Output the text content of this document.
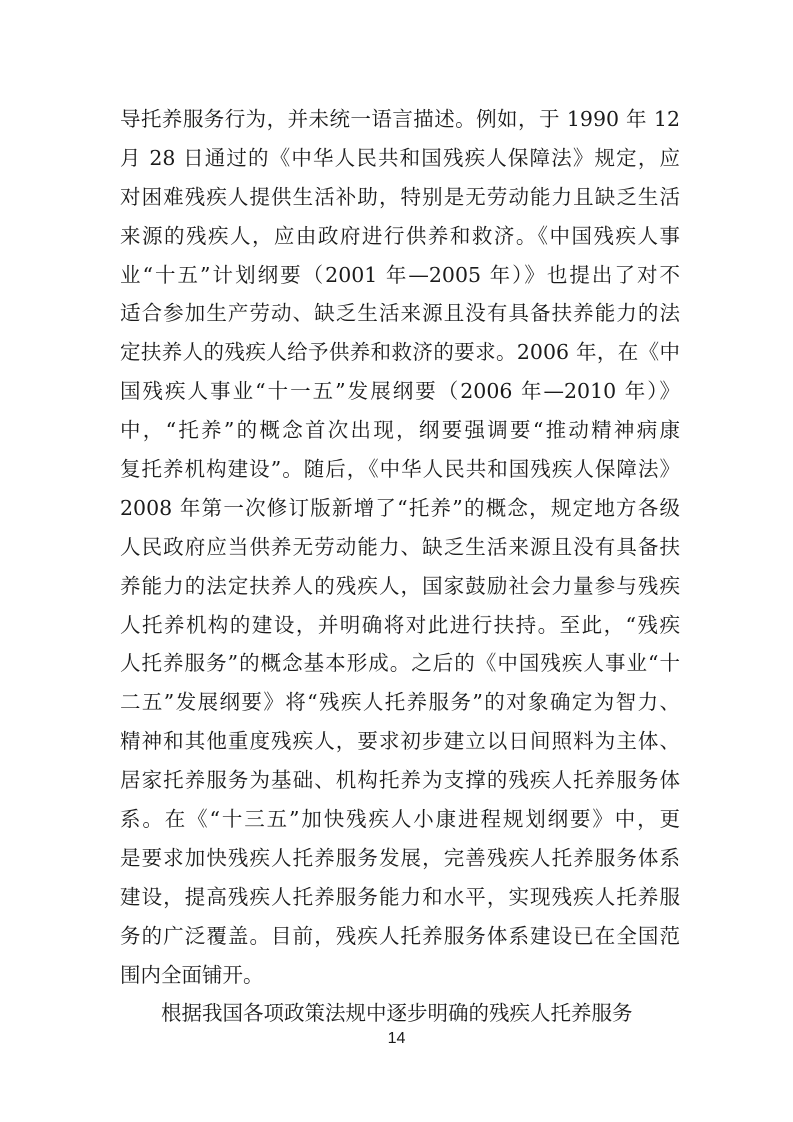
导托养服务行为，并未统一语言描述。例如，于 1990 年 12
月 28 日通过的《中华人民共和国残疾人保障法》规定，应
对困难残疾人提供生活补助，特别是无劳动能力且缺乏生活
来源的残疾人，应由政府进行供养和救济。《中国残疾人事
业“十五”计划纲要（2001 年—2005 年）》也提出了对不
适合参加生产劳动、缺乏生活来源且没有具备扶养能力的法
定扶养人的残疾人给予供养和救济的要求。2006 年，在《中
国残疾人事业“十一五”发展纲要（2006 年—2010 年）》
中，“托养”的概念首次出现，纲要强调要“推动精神病康
复托养机构建设”。随后，《中华人民共和国残疾人保障法》
2008 年第一次修订版新增了“托养”的概念，规定地方各级
人民政府应当供养无劳动能力、缺乏生活来源且没有具备扶
养能力的法定扶养人的残疾人，国家鼓励社会力量参与残疾
人托养机构的建设，并明确将对此进行扶持。至此，“残疾
人托养服务”的概念基本形成。之后的《中国残疾人事业“十
二五”发展纲要》将“残疾人托养服务”的对象确定为智力、
精神和其他重度残疾人，要求初步建立以日间照料为主体、
居家托养服务为基础、机构托养为支撑的残疾人托养服务体
系。在《“十三五”加快残疾人小康进程规划纲要》中，更
是要求加快残疾人托养服务发展，完善残疾人托养服务体系
建设，提高残疾人托养服务能力和水平，实现残疾人托养服
务的广泛覆盖。目前，残疾人托养服务体系建设已在全国范
围内全面铺开。
根据我国各项政策法规中逐步明确的残疾人托养服务
14
